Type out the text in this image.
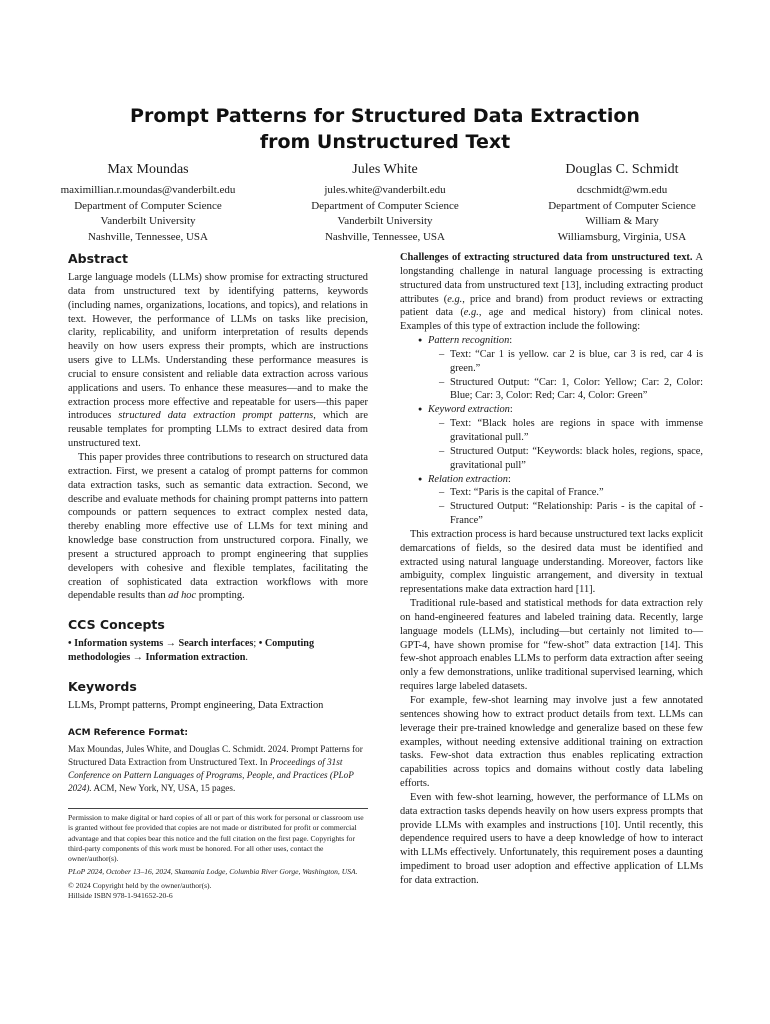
Prompt Patterns for Structured Data Extraction
from Unstructured Text
Max Moundas
maximillian.r.moundas@vanderbilt.edu
Department of Computer Science
Vanderbilt University
Nashville, Tennessee, USA
Jules White
jules.white@vanderbilt.edu
Department of Computer Science
Vanderbilt University
Nashville, Tennessee, USA
Douglas C. Schmidt
dcschmidt@wm.edu
Department of Computer Science
William & Mary
Williamsburg, Virginia, USA
Abstract

Large language models (LLMs) show promise for extracting structured data from unstructured text by identifying patterns, keywords (including names, organizations, locations, and topics), and relations in text. However, the performance of LLMs on tasks like precision, clarity, replicability, and uniform interpretation of results depends heavily on how users express their prompts, which are instructions users give to LLMs. Understanding these performance measures is crucial to ensure consistent and reliable data extraction across various applications and users. To enhance these measures—and to make the extraction process more effective and repeatable for users—this paper introduces structured data extraction prompt patterns, which are reusable templates for prompting LLMs to extract desired data from unstructured text.

This paper provides three contributions to research on structured data extraction. First, we present a catalog of prompt patterns for common data extraction tasks, such as semantic data extraction. Second, we describe and evaluate methods for chaining prompt patterns into pattern compounds or pattern sequences to extract complex nested data, thereby enabling more effective use of LLMs for text mining and knowledge base construction from unstructured corpora. Finally, we present a structured approach to prompt engineering that supplies developers with cohesive and flexible templates, facilitating the creation of sophisticated data extraction workflows with more dependable results than ad hoc prompting.

CCS Concepts

• Information systems → Search interfaces; • Computing methodologies → Information extraction.

Keywords

LLMs, Prompt patterns, Prompt engineering, Data Extraction

ACM Reference Format:

Max Moundas, Jules White, and Douglas C. Schmidt. 2024. Prompt Patterns for Structured Data Extraction from Unstructured Text. In Proceedings of 31st Conference on Pattern Languages of Programs, People, and Practices (PLoP 2024). ACM, New York, NY, USA, 15 pages.

Permission to make digital or hard copies of all or part of this work for personal or classroom use is granted without fee provided that copies are not made or distributed for profit or commercial advantage and that copies bear this notice and the full citation on the first page. Copyrights for third-party components of this work must be honored. For all other uses, contact the owner/author(s).

PLoP 2024, October 13–16, 2024, Skamania Lodge, Columbia River Gorge, Washington, USA.

© 2024 Copyright held by the owner/author(s).

Hillside ISBN 978-1-941652-20-6

Challenges of extracting structured data from unstructured text. A longstanding challenge in natural language processing is extracting structured data from unstructured text [13], including extracting product attributes (e.g., price and brand) from product reviews or extracting patient data (e.g., age and medical history) from clinical notes. Examples of this type of extraction include the following:

● Pattern recognition:
– Text: “Car 1 is yellow. car 2 is blue, car 3 is red, car 4 is green.”
– Structured Output: “Car: 1, Color: Yellow; Car: 2, Color: Blue; Car: 3, Color: Red; Car: 4, Color: Green”
● Keyword extraction:
– Text: “Black holes are regions in space with immense gravitational pull.”
– Structured Output: “Keywords: black holes, regions, space, gravitational pull”
● Relation extraction:
– Text: “Paris is the capital of France.”
– Structured Output: “Relationship: Paris - is the capital of - France”

This extraction process is hard because unstructured text lacks explicit demarcations of fields, so the desired data must be identified and extracted using natural language understanding. Moreover, factors like ambiguity, complex linguistic arrangement, and diversity in textual representations make data extraction hard [11].

Traditional rule-based and statistical methods for data extraction rely on hand-engineered features and labeled training data. Recently, large language models (LLMs), including—but certainly not limited to—GPT-4, have shown promise for “few-shot” data extraction [14]. This few-shot approach enables LLMs to perform data extraction after seeing only a few demonstrations, unlike traditional supervised learning, which requires large labeled datasets.

For example, few-shot learning may involve just a few annotated sentences showing how to extract product details from text. LLMs can leverage their pre-trained knowledge and generalize based on these few examples, without needing extensive additional training on extraction tasks. Few-shot data extraction thus enables replicating extraction capabilities across topics and domains without costly data labeling efforts.

Even with few-shot learning, however, the performance of LLMs on data extraction tasks depends heavily on how users express prompts that provide LLMs with examples and instructions [10]. Until recently, this dependence required users to have a deep knowledge of how to interact with LLMs effectively. Unfortunately, this requirement poses a daunting impediment to broad user adoption and effective application of LLMs for data extraction.
